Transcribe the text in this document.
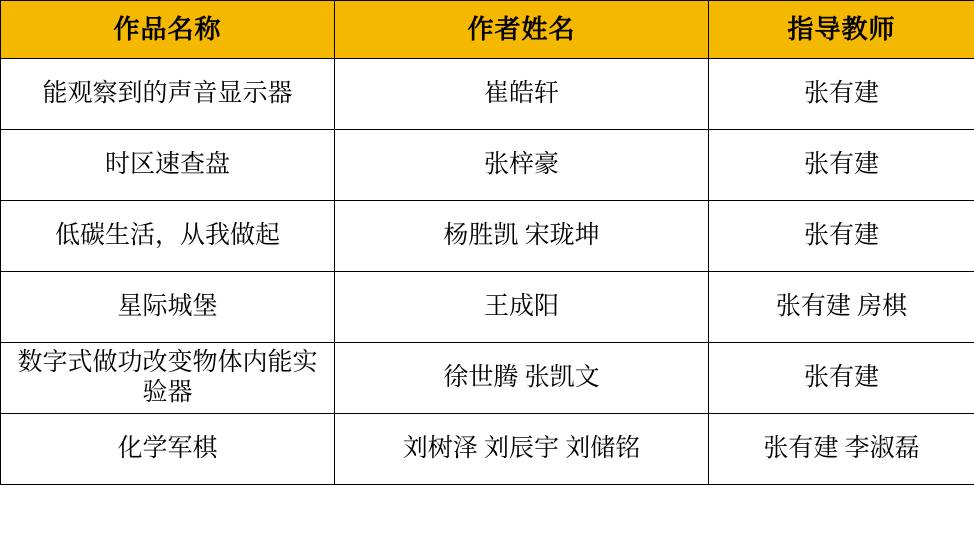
作品名称	作者姓名	指导教师
能观察到的声音显示器	崔皓轩	张有建
时区速查盘	张梓豪	张有建
低碳生活，从我做起	杨胜凯 宋珑坤	张有建
星际城堡	王成阳	张有建 房棋
数字式做功改变物体内能实验器	徐世腾 张凯文	张有建
化学军棋	刘树泽 刘辰宇 刘储铭	张有建 李淑磊
